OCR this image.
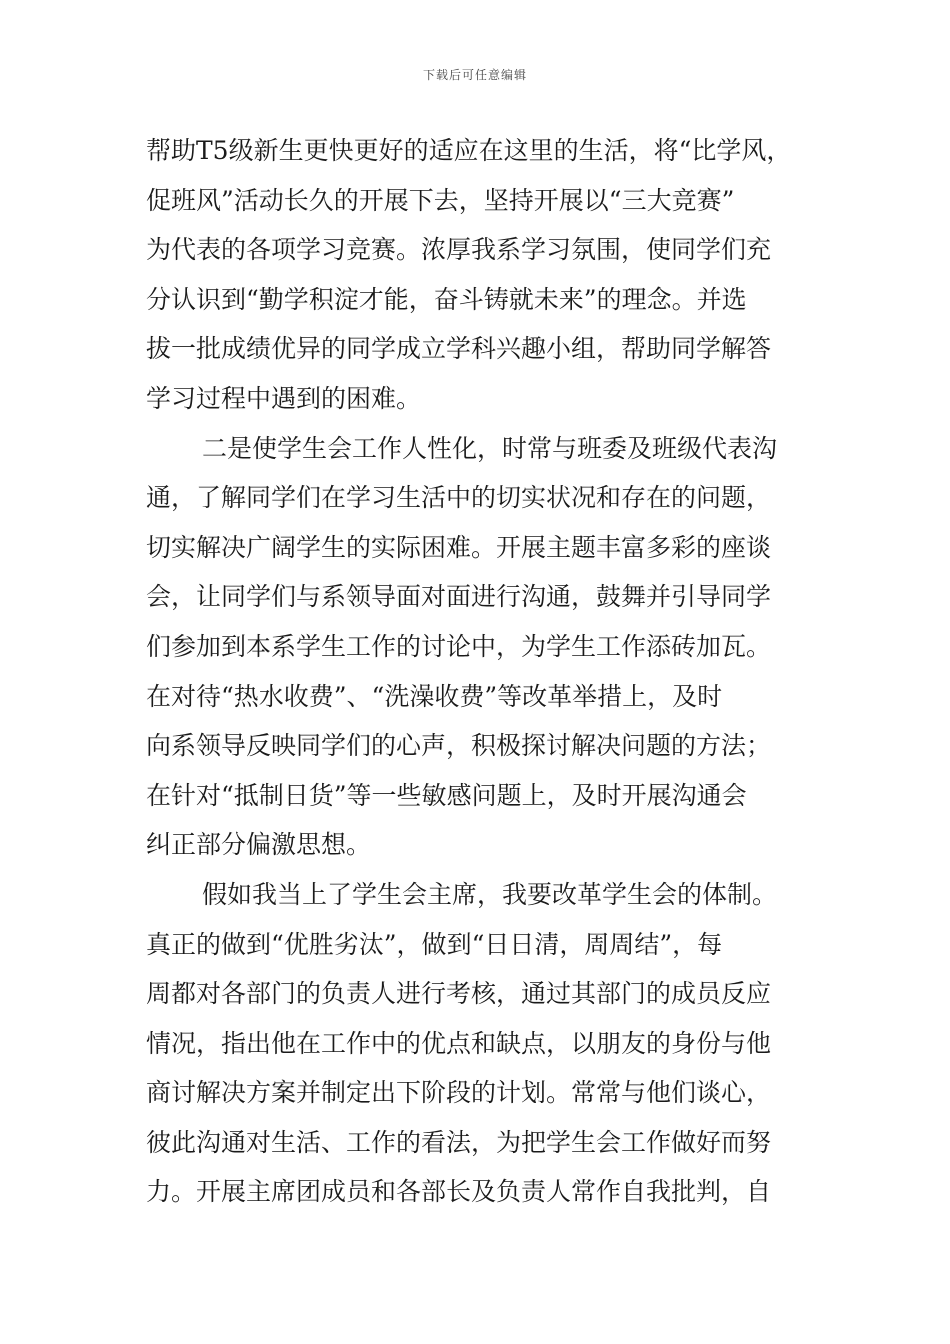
下载后可任意编辑
帮助T5级新生更快更好的适应在这里的生活，将“比学风，
促班风”活动长久的开展下去，坚持开展以“三大竞赛”
为代表的各项学习竞赛。浓厚我系学习氛围，使同学们充
分认识到“勤学积淀才能，奋斗铸就未来”的理念。并选
拔一批成绩优异的同学成立学科兴趣小组，帮助同学解答
学习过程中遇到的困难。
二是使学生会工作人性化，时常与班委及班级代表沟
通，了解同学们在学习生活中的切实状况和存在的问题，
切实解决广阔学生的实际困难。开展主题丰富多彩的座谈
会，让同学们与系领导面对面进行沟通，鼓舞并引导同学
们参加到本系学生工作的讨论中，为学生工作添砖加瓦。
在对待“热水收费”、“洗澡收费”等改革举措上，及时
向系领导反映同学们的心声，积极探讨解决问题的方法；
在针对“抵制日货”等一些敏感问题上，及时开展沟通会
纠正部分偏激思想。
假如我当上了学生会主席，我要改革学生会的体制。
真正的做到“优胜劣汰”，做到“日日清，周周结”，每
周都对各部门的负责人进行考核，通过其部门的成员反应
情况，指出他在工作中的优点和缺点，以朋友的身份与他
商讨解决方案并制定出下阶段的计划。常常与他们谈心，
彼此沟通对生活、工作的看法，为把学生会工作做好而努
力。开展主席团成员和各部长及负责人常作自我批判，自
